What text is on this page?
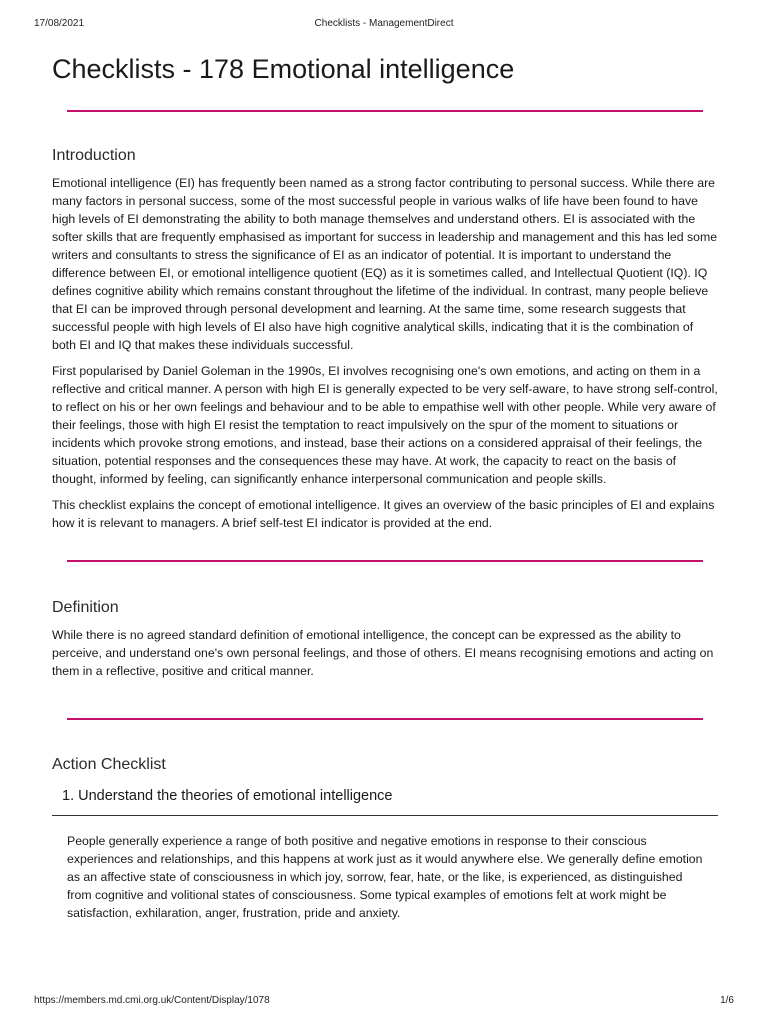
17/08/2021	Checklists - ManagementDirect
Checklists - 178 Emotional intelligence
Introduction

Emotional intelligence (EI) has frequently been named as a strong factor contributing to personal success. While there are many factors in personal success, some of the most successful people in various walks of life have been found to have high levels of EI demonstrating the ability to both manage themselves and understand others. EI is associated with the softer skills that are frequently emphasised as important for success in leadership and management and this has led some writers and consultants to stress the significance of EI as an indicator of potential. It is important to understand the difference between EI, or emotional intelligence quotient (EQ) as it is sometimes called, and Intellectual Quotient (IQ). IQ defines cognitive ability which remains constant throughout the lifetime of the individual. In contrast, many people believe that EI can be improved through personal development and learning. At the same time, some research suggests that successful people with high levels of EI also have high cognitive analytical skills, indicating that it is the combination of both EI and IQ that makes these individuals successful.

First popularised by Daniel Goleman in the 1990s, EI involves recognising one's own emotions, and acting on them in a reflective and critical manner. A person with high EI is generally expected to be very self-aware, to have strong self-control, to reflect on his or her own feelings and behaviour and to be able to empathise well with other people. While very aware of their feelings, those with high EI resist the temptation to react impulsively on the spur of the moment to situations or incidents which provoke strong emotions, and instead, base their actions on a considered appraisal of their feelings, the situation, potential responses and the consequences these may have. At work, the capacity to react on the basis of thought, informed by feeling, can significantly enhance interpersonal communication and people skills.

This checklist explains the concept of emotional intelligence. It gives an overview of the basic principles of EI and explains how it is relevant to managers. A brief self-test EI indicator is provided at the end.

Definition

While there is no agreed standard definition of emotional intelligence, the concept can be expressed as the ability to perceive, and understand one's own personal feelings, and those of others. EI means recognising emotions and acting on them in a reflective, positive and critical manner.

Action Checklist
1. Understand the theories of emotional intelligence

People generally experience a range of both positive and negative emotions in response to their conscious experiences and relationships, and this happens at work just as it would anywhere else. We generally define emotion as an affective state of consciousness in which joy, sorrow, fear, hate, or the like, is experienced, as distinguished from cognitive and volitional states of consciousness. Some typical examples of emotions felt at work might be satisfaction, exhilaration, anger, frustration, pride and anxiety.

https://members.md.cmi.org.uk/Content/Display/1078	1/6
